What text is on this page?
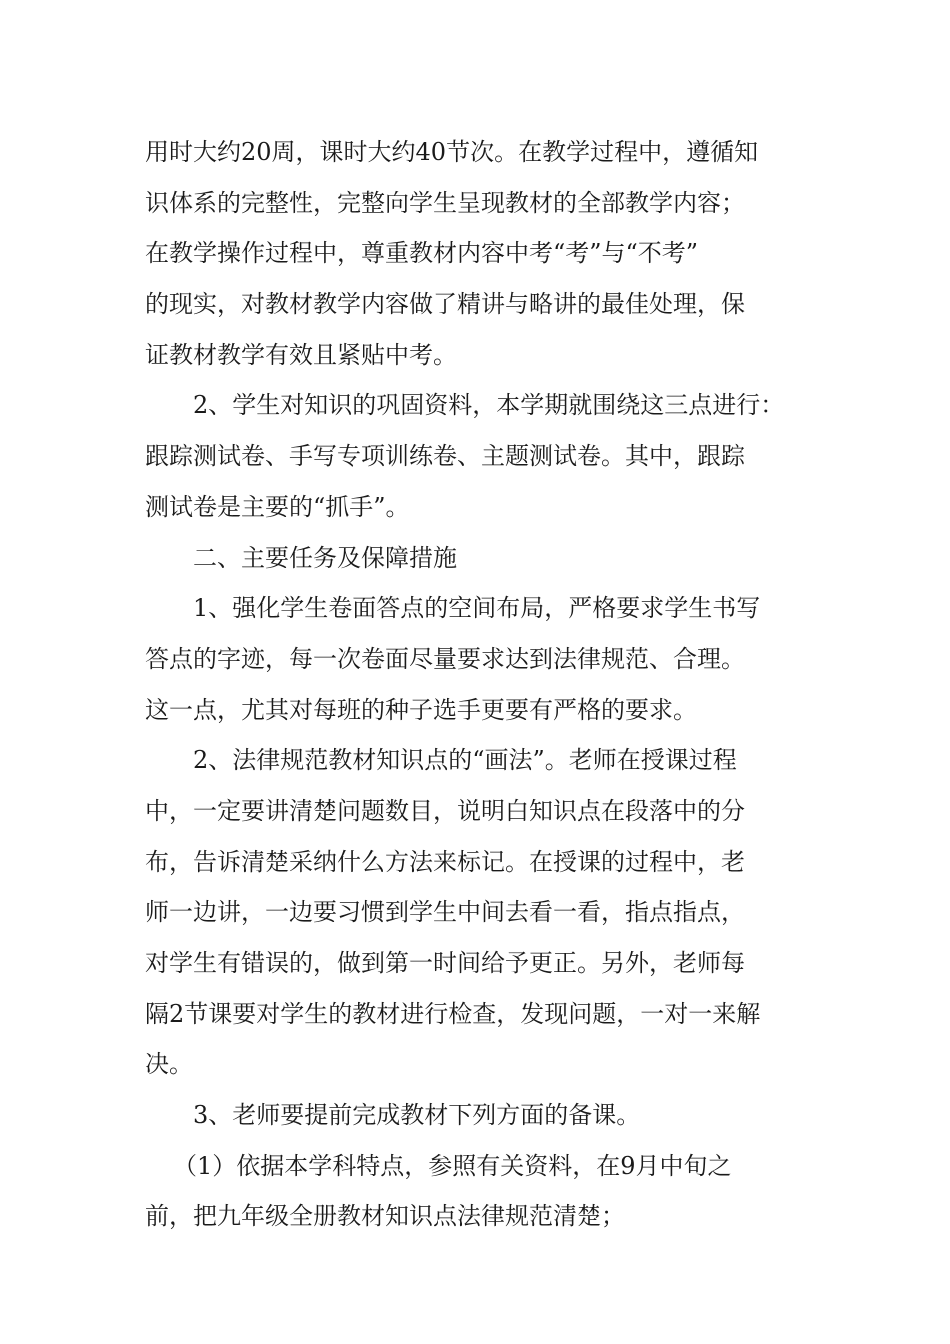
用时大约20周，课时大约40节次。在教学过程中，遵循知
识体系的完整性，完整向学生呈现教材的全部教学内容；
在教学操作过程中，尊重教材内容中考“考”与“不考”
的现实，对教材教学内容做了精讲与略讲的最佳处理，保
证教材教学有效且紧贴中考。
2、学生对知识的巩固资料，本学期就围绕这三点进行：
跟踪测试卷、手写专项训练卷、主题测试卷。其中，跟踪
测试卷是主要的“抓手”。
二、主要任务及保障措施
1、强化学生卷面答点的空间布局，严格要求学生书写
答点的字迹，每一次卷面尽量要求达到法律规范、合理。
这一点，尤其对每班的种子选手更要有严格的要求。
2、法律规范教材知识点的“画法”。老师在授课过程
中，一定要讲清楚问题数目，说明白知识点在段落中的分
布，告诉清楚采纳什么方法来标记。在授课的过程中，老
师一边讲，一边要习惯到学生中间去看一看，指点指点，
对学生有错误的，做到第一时间给予更正。另外，老师每
隔2节课要对学生的教材进行检查，发现问题，一对一来解
决。
3、老师要提前完成教材下列方面的备课。
（1）依据本学科特点，参照有关资料，在9月中旬之
前，把九年级全册教材知识点法律规范清楚；
